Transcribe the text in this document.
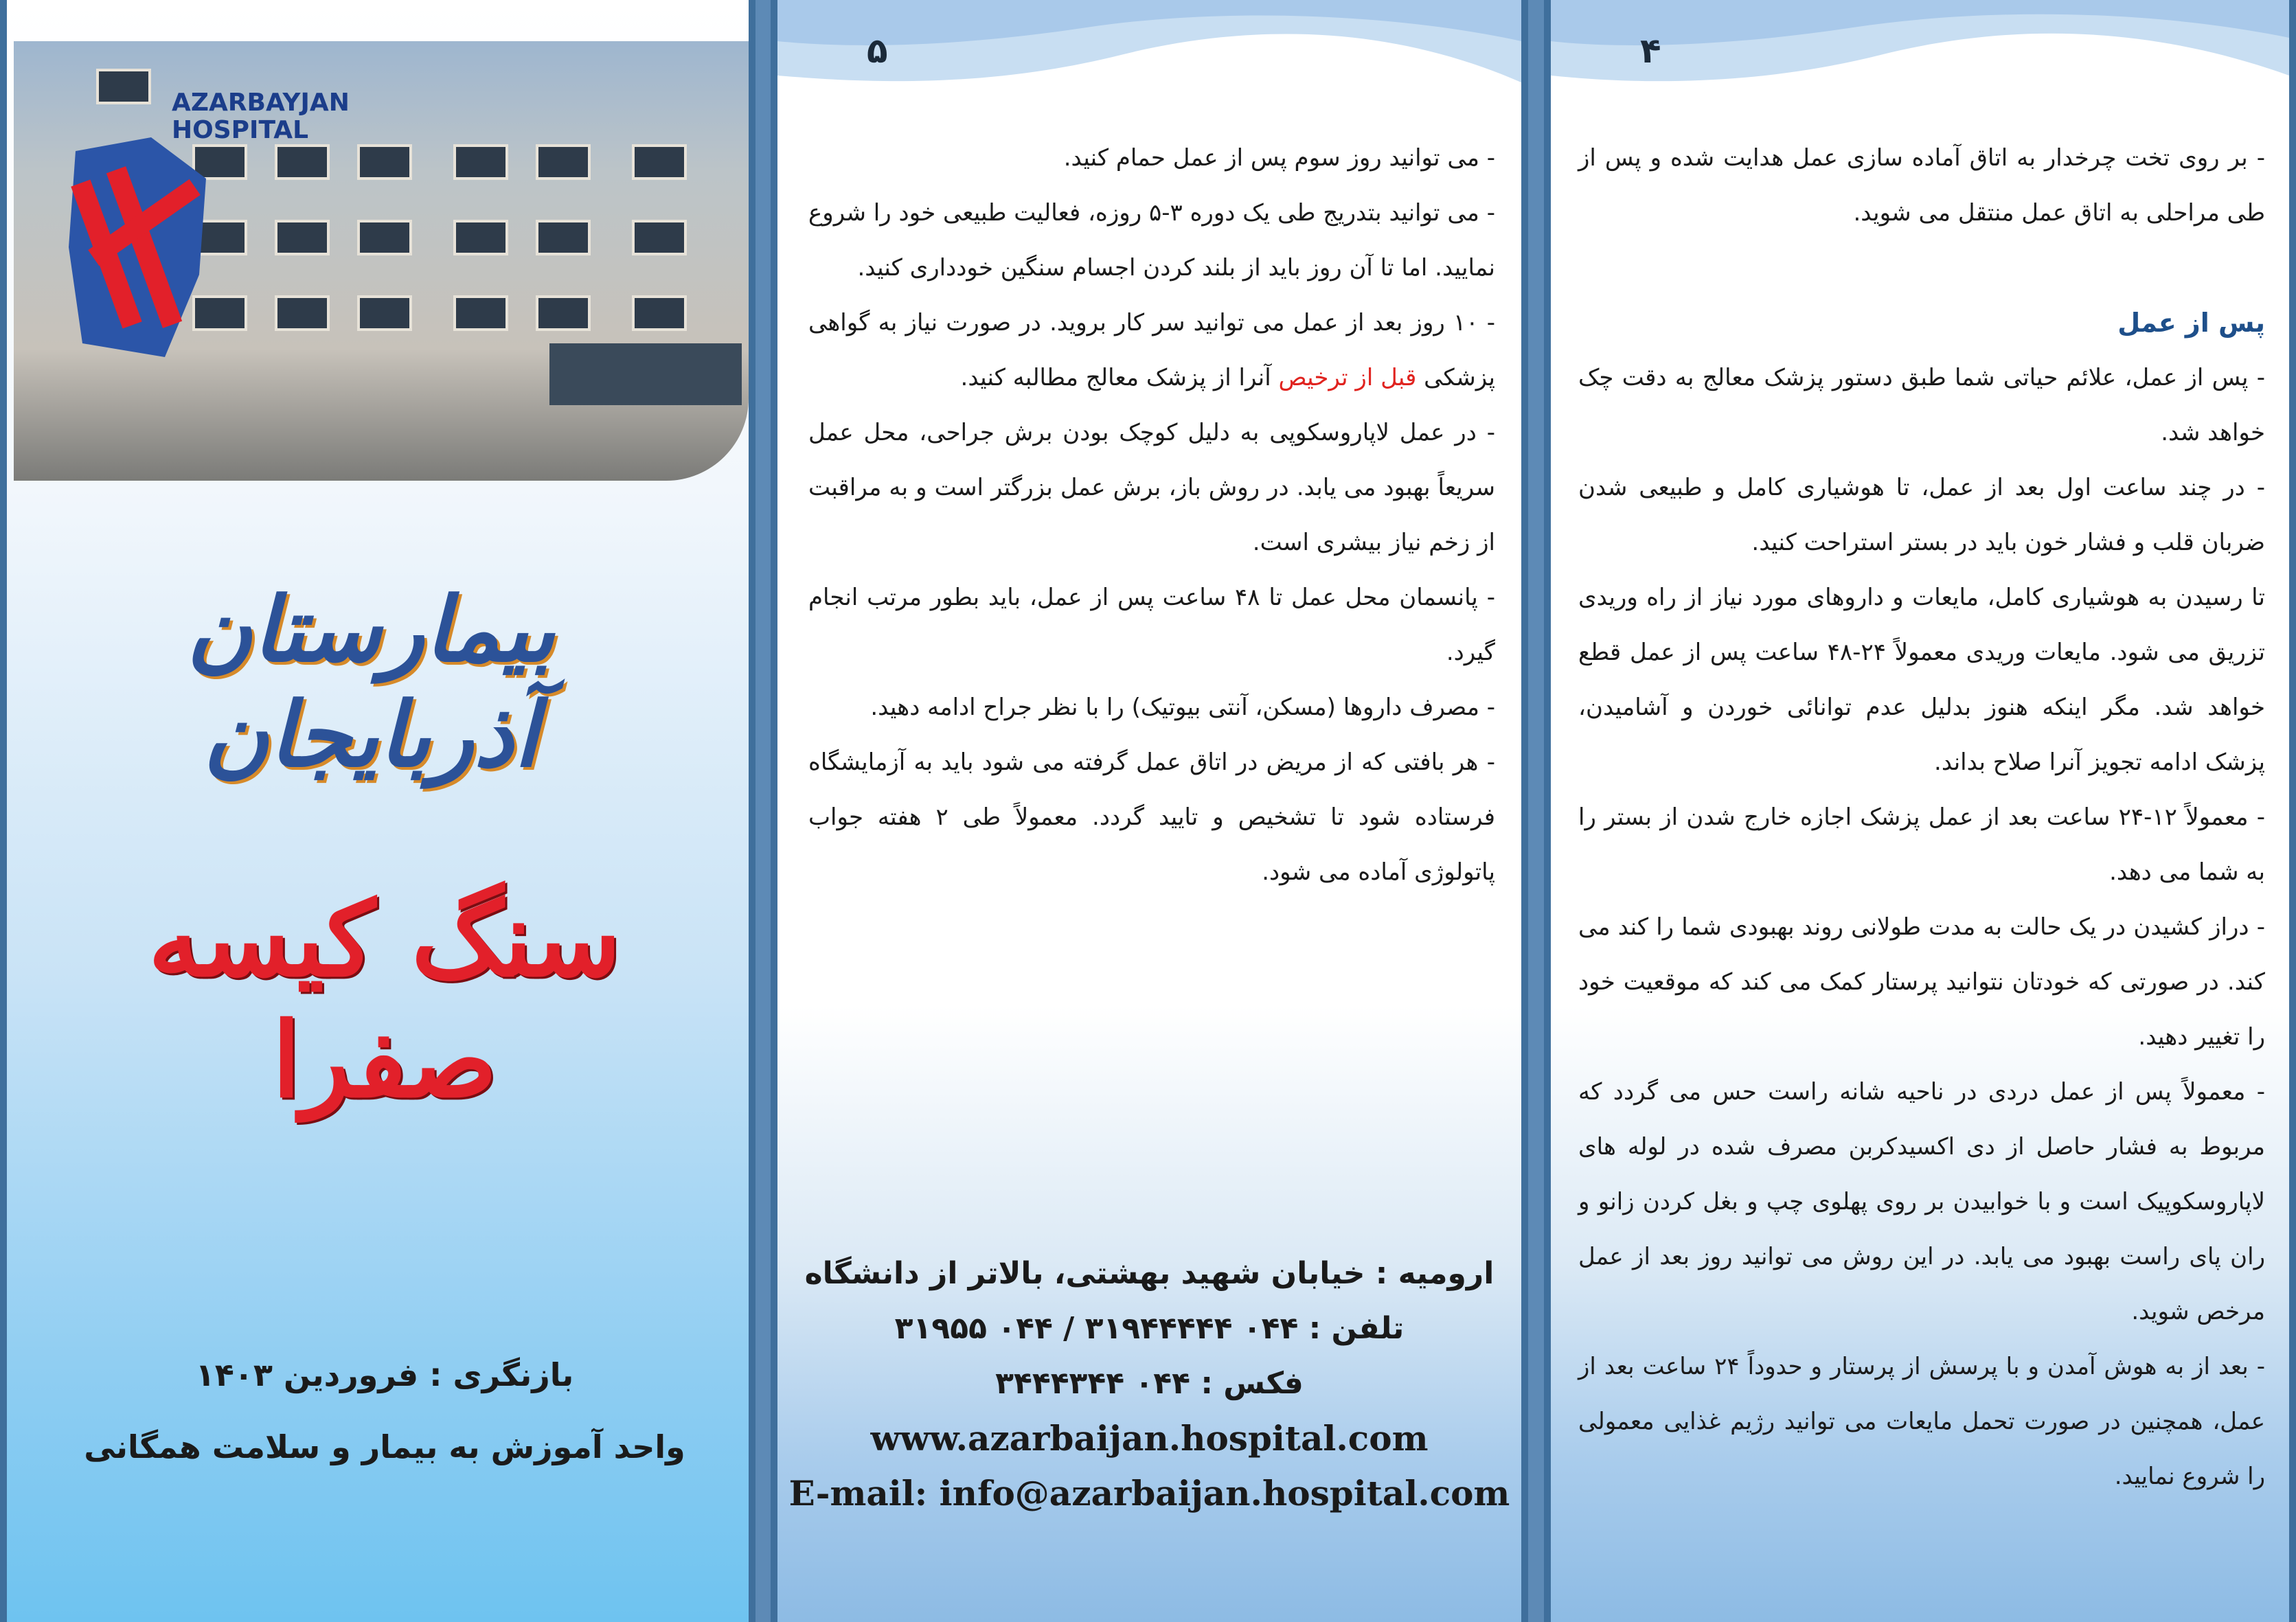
AZARBAYJAN
HOSPITAL
بیمارستان آذربایجان
سنگ کیسه صفرا
بازنگری : فروردین ۱۴۰۳
واحد آموزش به بیمار و سلامت همگانی
۵

- می توانید روز سوم پس از عمل حمام کنید.

- می توانید بتدریج طی یک دوره ۳-۵ روزه، فعالیت طبیعی خود را شروع نمایید. اما تا آن روز باید از بلند کردن اجسام سنگین خودداری کنید.

- ۱۰ روز بعد از عمل می توانید سر کار بروید. در صورت نیاز به گواهی پزشکی قبل از ترخیص آنرا از پزشک معالج مطالبه کنید.

- در عمل لاپاروسکوپی به دلیل کوچک بودن برش جراحی، محل عمل سریعاً بهبود می یابد. در روش باز، برش عمل بزرگتر است و به مراقبت از زخم نیاز بیشری است.

- پانسمان محل عمل تا ۴۸ ساعت پس از عمل، باید بطور مرتب انجام گیرد.

- مصرف داروها (مسکن، آنتی بیوتیک) را با نظر جراح ادامه دهید.

- هر بافتی که از مریض در اتاق عمل گرفته می شود باید به آزمایشگاه فرستاده شود تا تشخیص و تایید گردد. معمولاً طی ۲ هفته جواب پاتولوژی آماده می شود.

ارومیه : خیابان شهید بهشتی، بالاتر از دانشگاه
تلفن : ۰۴۴ ۳۱۹۴۴۴۴۴ / ۰۴۴ ۳۱۹۵۵
فکس : ۰۴۴ ۳۴۴۴۳۴۴
www.azarbaijan.hospital.com
E-mail: info@azarbaijan.hospital.com
۴

- بر روی تخت چرخدار به اتاق آماده سازی عمل هدایت شده و پس از طی مراحلی به اتاق عمل منتقل می شوید.

پس از عمل

- پس از عمل، علائم حیاتی شما طبق دستور پزشک معالج به دقت چک خواهد شد.

- در چند ساعت اول بعد از عمل، تا هوشیاری کامل و طبیعی شدن ضربان قلب و فشار خون باید در بستر استراحت کنید.

تا رسیدن به هوشیاری کامل، مایعات و داروهای مورد نیاز از راه وریدی تزریق می شود. مایعات وریدی معمولاً ۲۴-۴۸ ساعت پس از عمل قطع خواهد شد. مگر اینکه هنوز بدلیل عدم توانائی خوردن و آشامیدن، پزشک ادامه تجویز آنرا صلاح بداند.

- معمولاً ۱۲-۲۴ ساعت بعد از عمل پزشک اجازه خارج شدن از بستر را به شما می دهد.

- دراز کشیدن در یک حالت به مدت طولانی روند بهبودی شما را کند می کند. در صورتی که خودتان نتوانید پرستار کمک می کند که موقعیت خود را تغییر دهید.

- معمولاً پس از عمل دردی در ناحیه شانه راست حس می گردد که مربوط به فشار حاصل از دی اکسیدکربن مصرف شده در لوله های لاپاروسکوپیک است و با خوابیدن بر روی پهلوی چپ و بغل کردن زانو و ران پای راست بهبود می یابد. در این روش می توانید روز بعد از عمل مرخص شوید.

- بعد از به هوش آمدن و با پرسش از پرستار و حدوداً ۲۴ ساعت بعد از عمل، همچنین در صورت تحمل مایعات می توانید رژیم غذایی معمولی را شروع نمایید.
